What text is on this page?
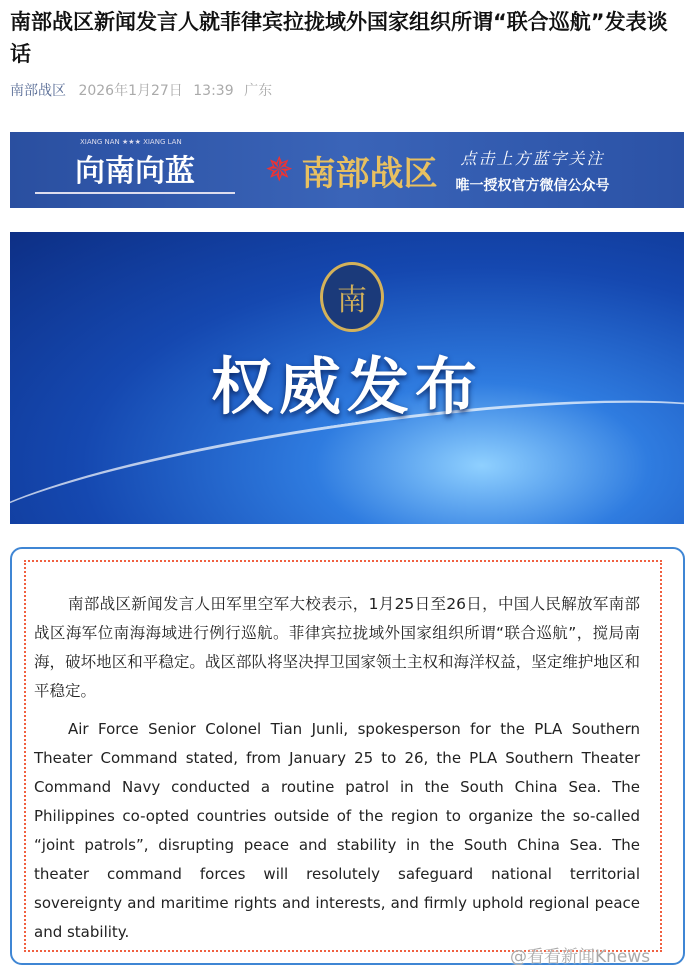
南部战区新闻发言人就菲律宾拉拢域外国家组织所谓“联合巡航”发表谈话
南部战区 2026年1月27日 13:39 广东
XIANG NAN ★★★ XIANG LAN
向南向蓝	✵ 南部战区	点击上方蓝字关注
唯一授权官方微信公众号
南
权威发布

南部战区新闻发言人田军里空军大校表示，1月25日至26日，中国人民解放军南部战区海军位南海海域进行例行巡航。菲律宾拉拢域外国家组织所谓“联合巡航”，搅局南海，破坏地区和平稳定。战区部队将坚决捍卫国家领土主权和海洋权益，坚定维护地区和平稳定。

Air Force Senior Colonel Tian Junli, spokesperson for the PLA Southern Theater Command stated, from January 25 to 26, the PLA Southern Theater Command Navy conducted a routine patrol in the South China Sea. The Philippines co-opted countries outside of the region to organize the so-called “joint patrols”, disrupting peace and stability in the South China Sea. The theater command forces will resolutely safeguard national territorial sovereignty and maritime rights and interests, and firmly uphold regional peace and stability.

@看看新闻Knews
